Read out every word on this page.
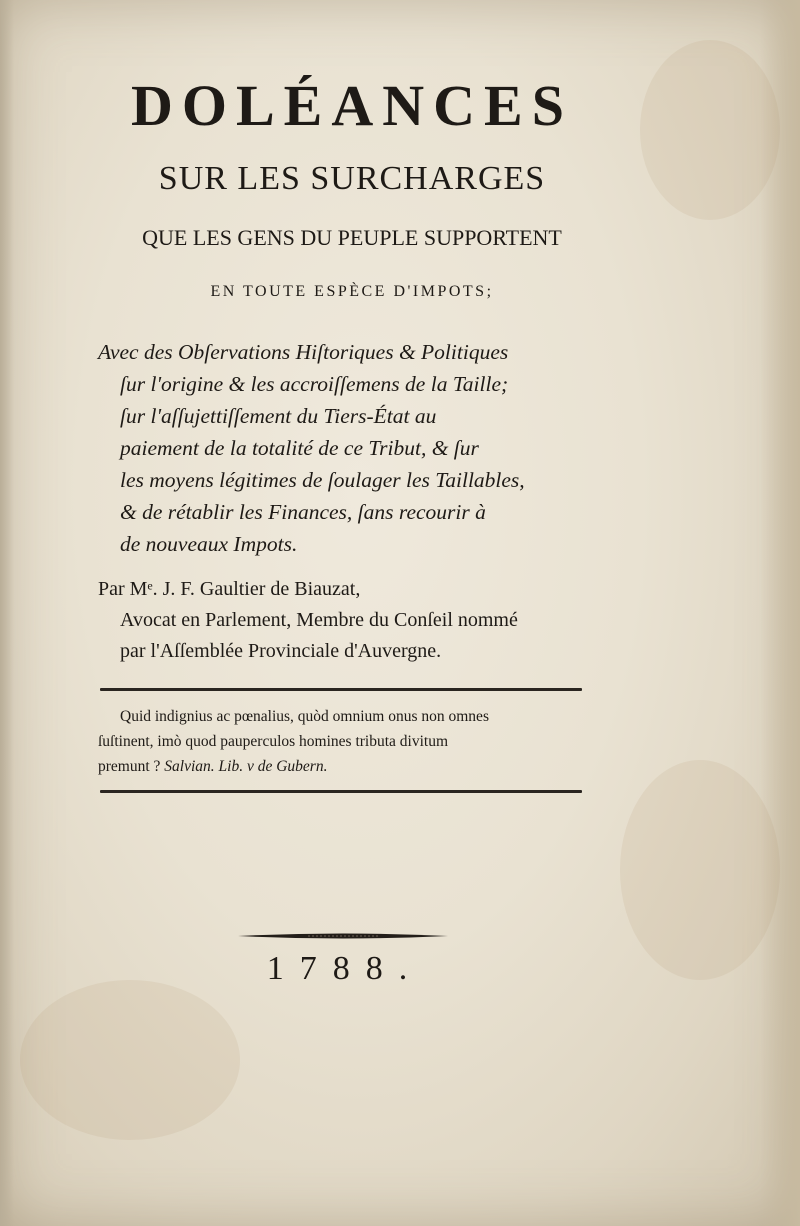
DOLÉANCES
SUR LES SURCHARGES
QUE LES GENS DU PEUPLE SUPPORTENT
EN TOUTE ESPÈCE D'IMPOTS;
Avec des Obſervations Hiſtoriques & Politiques
ſur l'origine & les accroiſſemens de la Taille;
ſur l'aſſujettiſſement du Tiers-État au
paiement de la totalité de ce Tribut, & ſur
les moyens légitimes de ſoulager les Taillables,
& de rétablir les Finances, ſans recourir à
de nouveaux Impots.
Par Mᵉ. J. F. Gaultier de Biauzat,
Avocat en Parlement, Membre du Conſeil nommé
par l'Aſſemblée Provinciale d'Auvergne.
Quid indignius ac pœnalius, quòd omnium onus non omnes
ſuſtinent, imò quod pauperculos homines tributa divitum
premunt ? Salvian. Lib. v de Gubern.
1788.
